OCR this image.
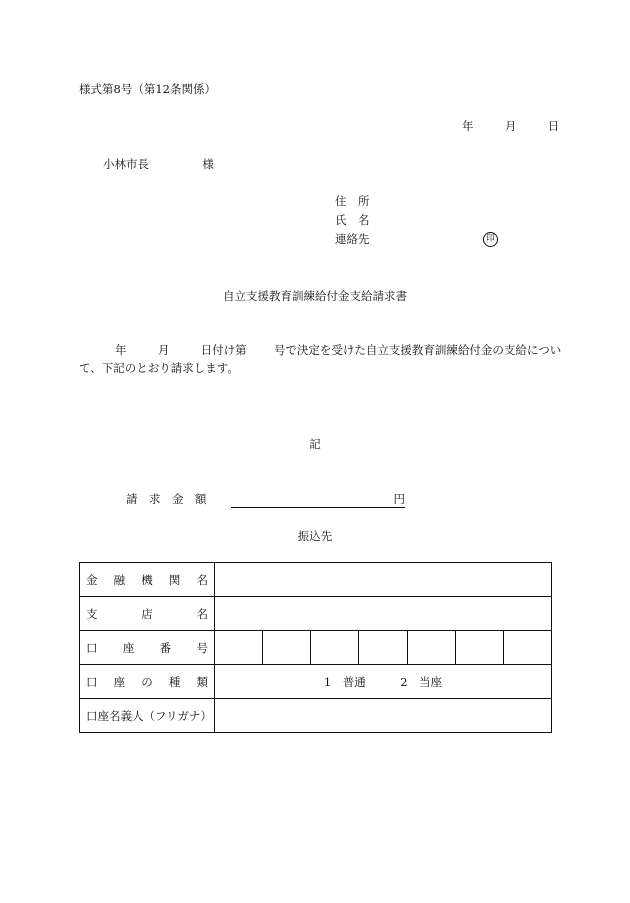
様式第8号（第12条関係）
年	月	日
小林市長	様
住　所
氏　名
連絡先	印
自立支援教育訓練給付金支給請求書
年	月	日付け第 号で決定を受けた自立支援教育訓練給付金の支給につい
て、下記のとおり請求します。
記
請　求　金　額	円
振込先
金 融 機 関 名	

支 店 名	

口 座 番 号	

口 座 の 種 類	1　普通　　　2　当座
口座名義人（フリガナ）	
